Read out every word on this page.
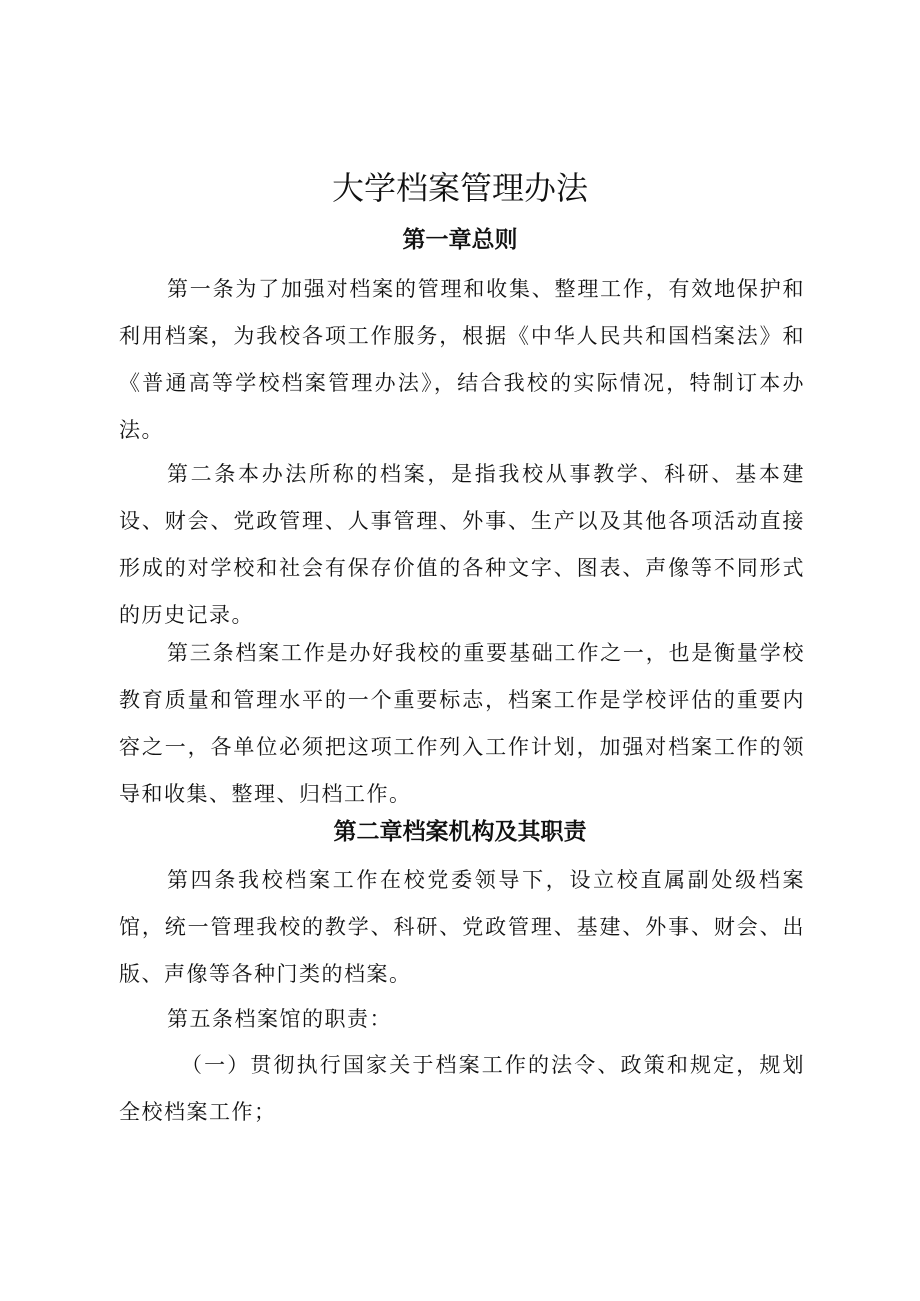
大学档案管理办法
第一章总则

第一条为了加强对档案的管理和收集、整理工作，有效地保护和利用档案，为我校各项工作服务，根据《中华人民共和国档案法》和《普通高等学校档案管理办法》，结合我校的实际情况，特制订本办法。

第二条本办法所称的档案，是指我校从事教学、科研、基本建设、财会、党政管理、人事管理、外事、生产以及其他各项活动直接形成的对学校和社会有保存价值的各种文字、图表、声像等不同形式的历史记录。

第三条档案工作是办好我校的重要基础工作之一，也是衡量学校教育质量和管理水平的一个重要标志，档案工作是学校评估的重要内容之一，各单位必须把这项工作列入工作计划，加强对档案工作的领导和收集、整理、归档工作。

第二章档案机构及其职责

第四条我校档案工作在校党委领导下，设立校直属副处级档案馆，统一管理我校的教学、科研、党政管理、基建、外事、财会、出版、声像等各种门类的档案。

第五条档案馆的职责：

（一）贯彻执行国家关于档案工作的法令、政策和规定，规划全校档案工作；
